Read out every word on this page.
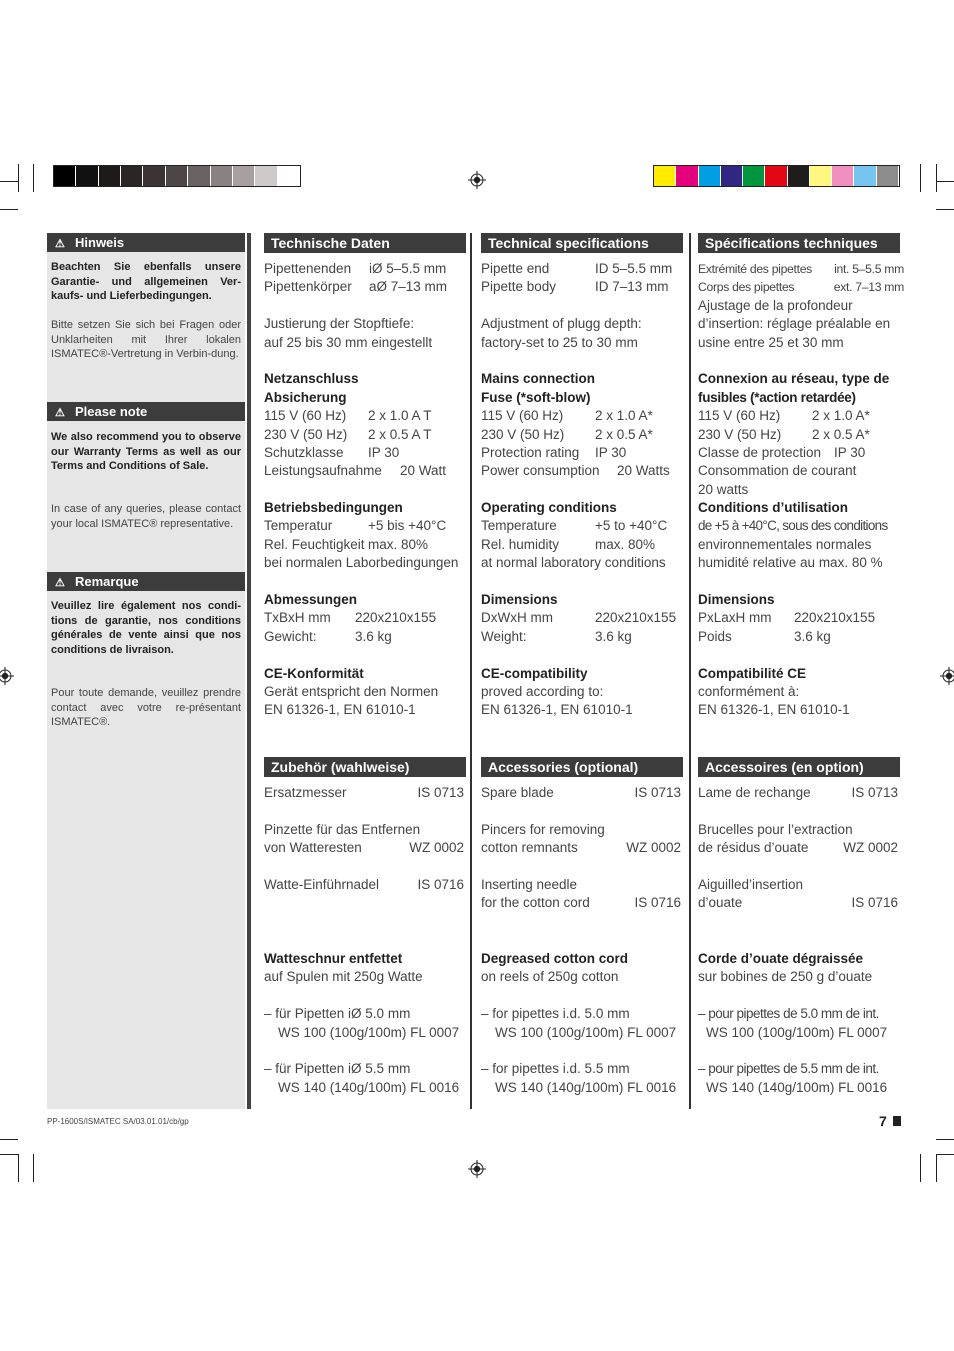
⚠ Hinweis
Beachten Sie ebenfalls unsere Garantie- und allgemeinen Ver-kaufs- und Lieferbedingungen.
Bitte setzen Sie sich bei Fragen oder Unklarheiten mit Ihrer lokalen ISMATEC®-Vertretung in Verbin-dung.
⚠ Please note
We also recommend you to observe our Warranty Terms as well as our Terms and Conditions of Sale.
In case of any queries, please contact your local ISMATEC® representative.
⚠ Remarque
Veuillez lire également nos condi-tions de garantie, nos conditions générales de vente ainsi que nos conditions de livraison.
Pour toute demande, veuillez prendre contact avec votre re-présentant ISMATEC®.
Technische Daten	Technical specifications	Spécifications techniques
Zubehör (wahlweise)	Accessories (optional)	Accessoires (en option)
Pipettenenden iØ 5–5.5 mm
Pipettenkörper aØ 7–13 mm
Justierung der Stopftiefe:
auf 25 bis 30 mm eingestellt
Netzanschluss
Absicherung
115 V (60 Hz) 2 x 1.0 A T
230 V (50 Hz) 2 x 0.5 A T
Schutzklasse IP 30
Leistungsaufnahme 20 Watt
Betriebsbedingungen
Temperatur	+5 bis +40°C
Rel. Feuchtigkeit max. 80%
bei normalen Laborbedingungen
Abmessungen
TxBxH mm 220x210x155
Gewicht:	3.6 kg
CE-Konformität
Gerät entspricht den Normen
EN 61326-1, EN 61010-1
Pipette end	ID 5–5.5 mm
Pipette body	ID 7–13 mm
Adjustment of plugg depth:
factory-set to 25 to 30 mm
Mains connection
Fuse (*soft-blow)
115 V (60 Hz) 2 x 1.0 A*
230 V (50 Hz) 2 x 0.5 A*
Protection rating IP 30
Power consumption 20 Watts
Operating conditions
Temperature	+5 to +40°C
Rel. humidity	max. 80%
at normal laboratory conditions
Dimensions
DxWxH mm	220x210x155
Weight:	3.6 kg
CE-compatibility
proved according to:
EN 61326-1, EN 61010-1
Extrémité des pipettes int. 5–5.5 mm
Corps des pipettes	ext. 7–13 mm
Ajustage de la profondeur
d’insertion: réglage préalable en
usine entre 25 et 30 mm
Connexion au réseau, type de
fusibles (*action retardée)
115 V (60 Hz) 2 x 1.0 A*
230 V (50 Hz) 2 x 0.5 A*
Classe de protection IP 30
Consommation de courant
20 watts
Conditions d’utilisation
de +5 à +40°C, sous des conditions
environnementales normales
humidité relative au max. 80 %
Dimensions
PxLaxH mm 220x210x155
Poids	3.6 kg
Compatibilité CE
conformément à:
EN 61326-1, EN 61010-1
Ersatzmesser	IS 0713
Pinzette für das Entfernen
von Watteresten	WZ 0002
Watte-Einführnadel	IS 0716
Watteschnur entfettet
auf Spulen mit 250g Watte
– für Pipetten iØ 5.0 mm
WS 100 (100g/100m) FL 0007
– für Pipetten iØ 5.5 mm
WS 140 (140g/100m) FL 0016
Spare blade	IS 0713
Pincers for removing
cotton remnants	WZ 0002
Inserting needle
for the cotton cord	IS 0716
Degreased cotton cord
on reels of 250g cotton
– for pipettes i.d. 5.0 mm
WS 100 (100g/100m) FL 0007
– for pipettes i.d. 5.5 mm
WS 140 (140g/100m) FL 0016
Lame de rechange	IS 0713
Brucelles pour l’extraction
de résidus d’ouate	WZ 0002
Aiguilled’insertion
d’ouate	IS 0716
Corde d’ouate dégraissée
sur bobines de 250 g d’ouate
– pour pipettes de 5.0 mm de int.
WS 100 (100g/100m) FL 0007
– pour pipettes de 5.5 mm de int.
WS 140 (140g/100m) FL 0016
PP-1600S/ISMATEC SA/03.01.01/cb/gp	7
